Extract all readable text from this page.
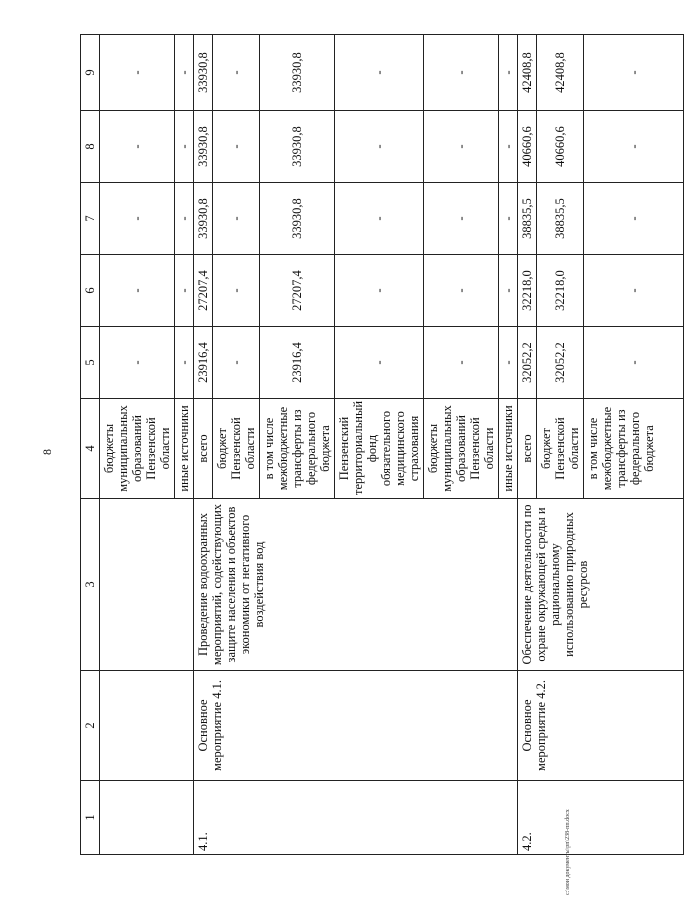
8
1	2	3	4	5	6	7	8	9
			бюджеты муниципальных образований Пензенской области	-	-	-	-	-
			иные источники	-	-	-	-	-
4.1.	Основное мероприятие 4.1.	Проведение водоохранных мероприятий, содействующих защите населения и объектов экономики от негативного воздействия вод	всего	23916,4	27207,4	33930,8	33930,8	33930,8
			бюджет Пензенской области	-	-	-	-	-
			в том числе межбюджетные трансферты из федерального бюджета	23916,4	27207,4	33930,8	33930,8	33930,8
			Пензенский территориальный фонд обязательного медицинского страхования	-	-	-	-	-
			бюджеты муниципальных образований Пензенской области	-	-	-	-	-
			иные источники	-	-	-	-	-
4.2.	Основное мероприятие 4.2.	Обеспечение деятельности по охране окружающей среды и рациональному использованию природных ресурсов	всего	32052,2	32218,0	38835,5	40660,6	42408,8
			бюджет Пензенской области	32052,2	32218,0	38835,5	40660,6	42408,8
			в том числе межбюджетные трансферты из федерального бюджета	-	-	-	-	-
c:\мои документы\рп\238-пп.docx
